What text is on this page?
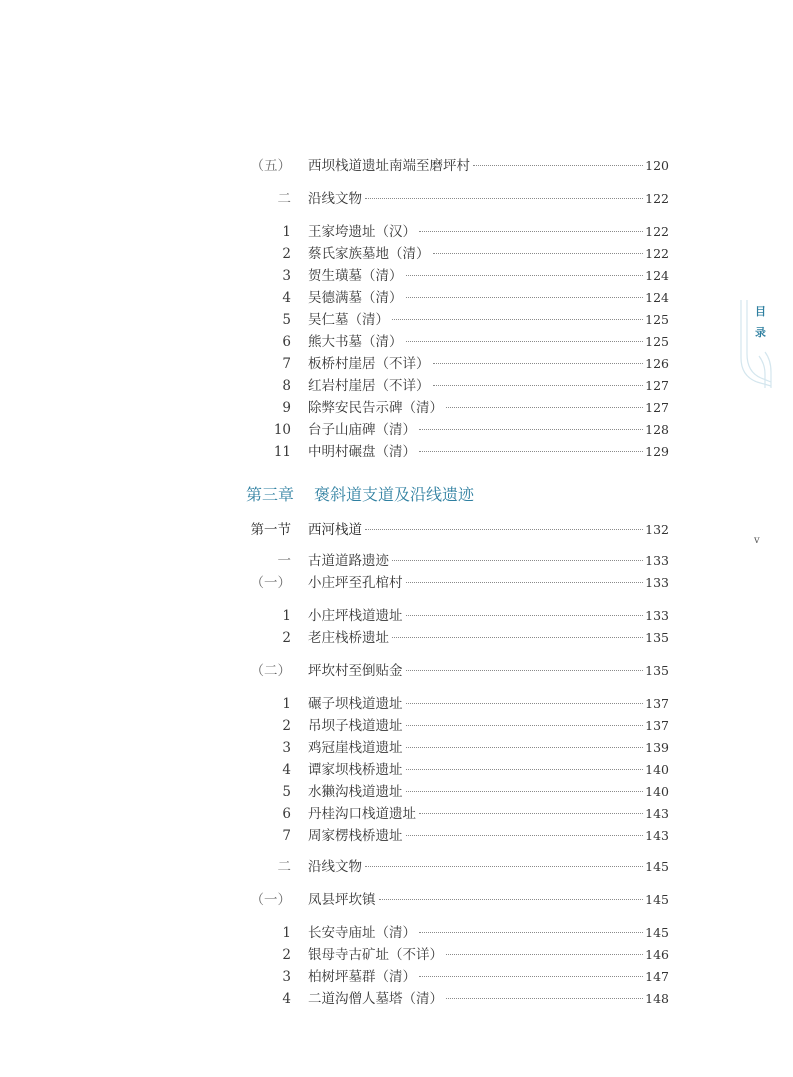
（五） 西坝栈道遗址南端至磨坪村	120
二 沿线文物	122
1 王家垮遗址（汉）	122
2 蔡氏家族墓地（清）	122
3 贺生璜墓（清）	124
4 吴德满墓（清）	124
5 吴仁墓（清）	125
6 熊大书墓（清）	125
7 板桥村崖居（不详）	126
8 红岩村崖居（不详）	127
9 除弊安民告示碑（清）	127
10 台子山庙碑（清）	128
11 中明村碾盘（清）	129
第三章 褒斜道支道及沿线遗迹
第一节 西河栈道	132
一 古道道路遗迹	133
（一） 小庄坪至孔棺村	133
1 小庄坪栈道遗址	133
2 老庄栈桥遗址	135
（二） 坪坎村至倒贴金	135
1 碾子坝栈道遗址	137
2 吊坝子栈道遗址	137
3 鸡冠崖栈道遗址	139
4 谭家坝栈桥遗址	140
5 水獭沟栈道遗址	140
6 丹桂沟口栈道遗址	143
7 周家楞栈桥遗址	143
二 沿线文物	145
（一） 凤县坪坎镇	145
1 长安寺庙址（清）	145
2 银母寺古矿址（不详）	146
3 柏树坪墓群（清）	147
4 二道沟僧人墓塔（清）	148
目
录
v
